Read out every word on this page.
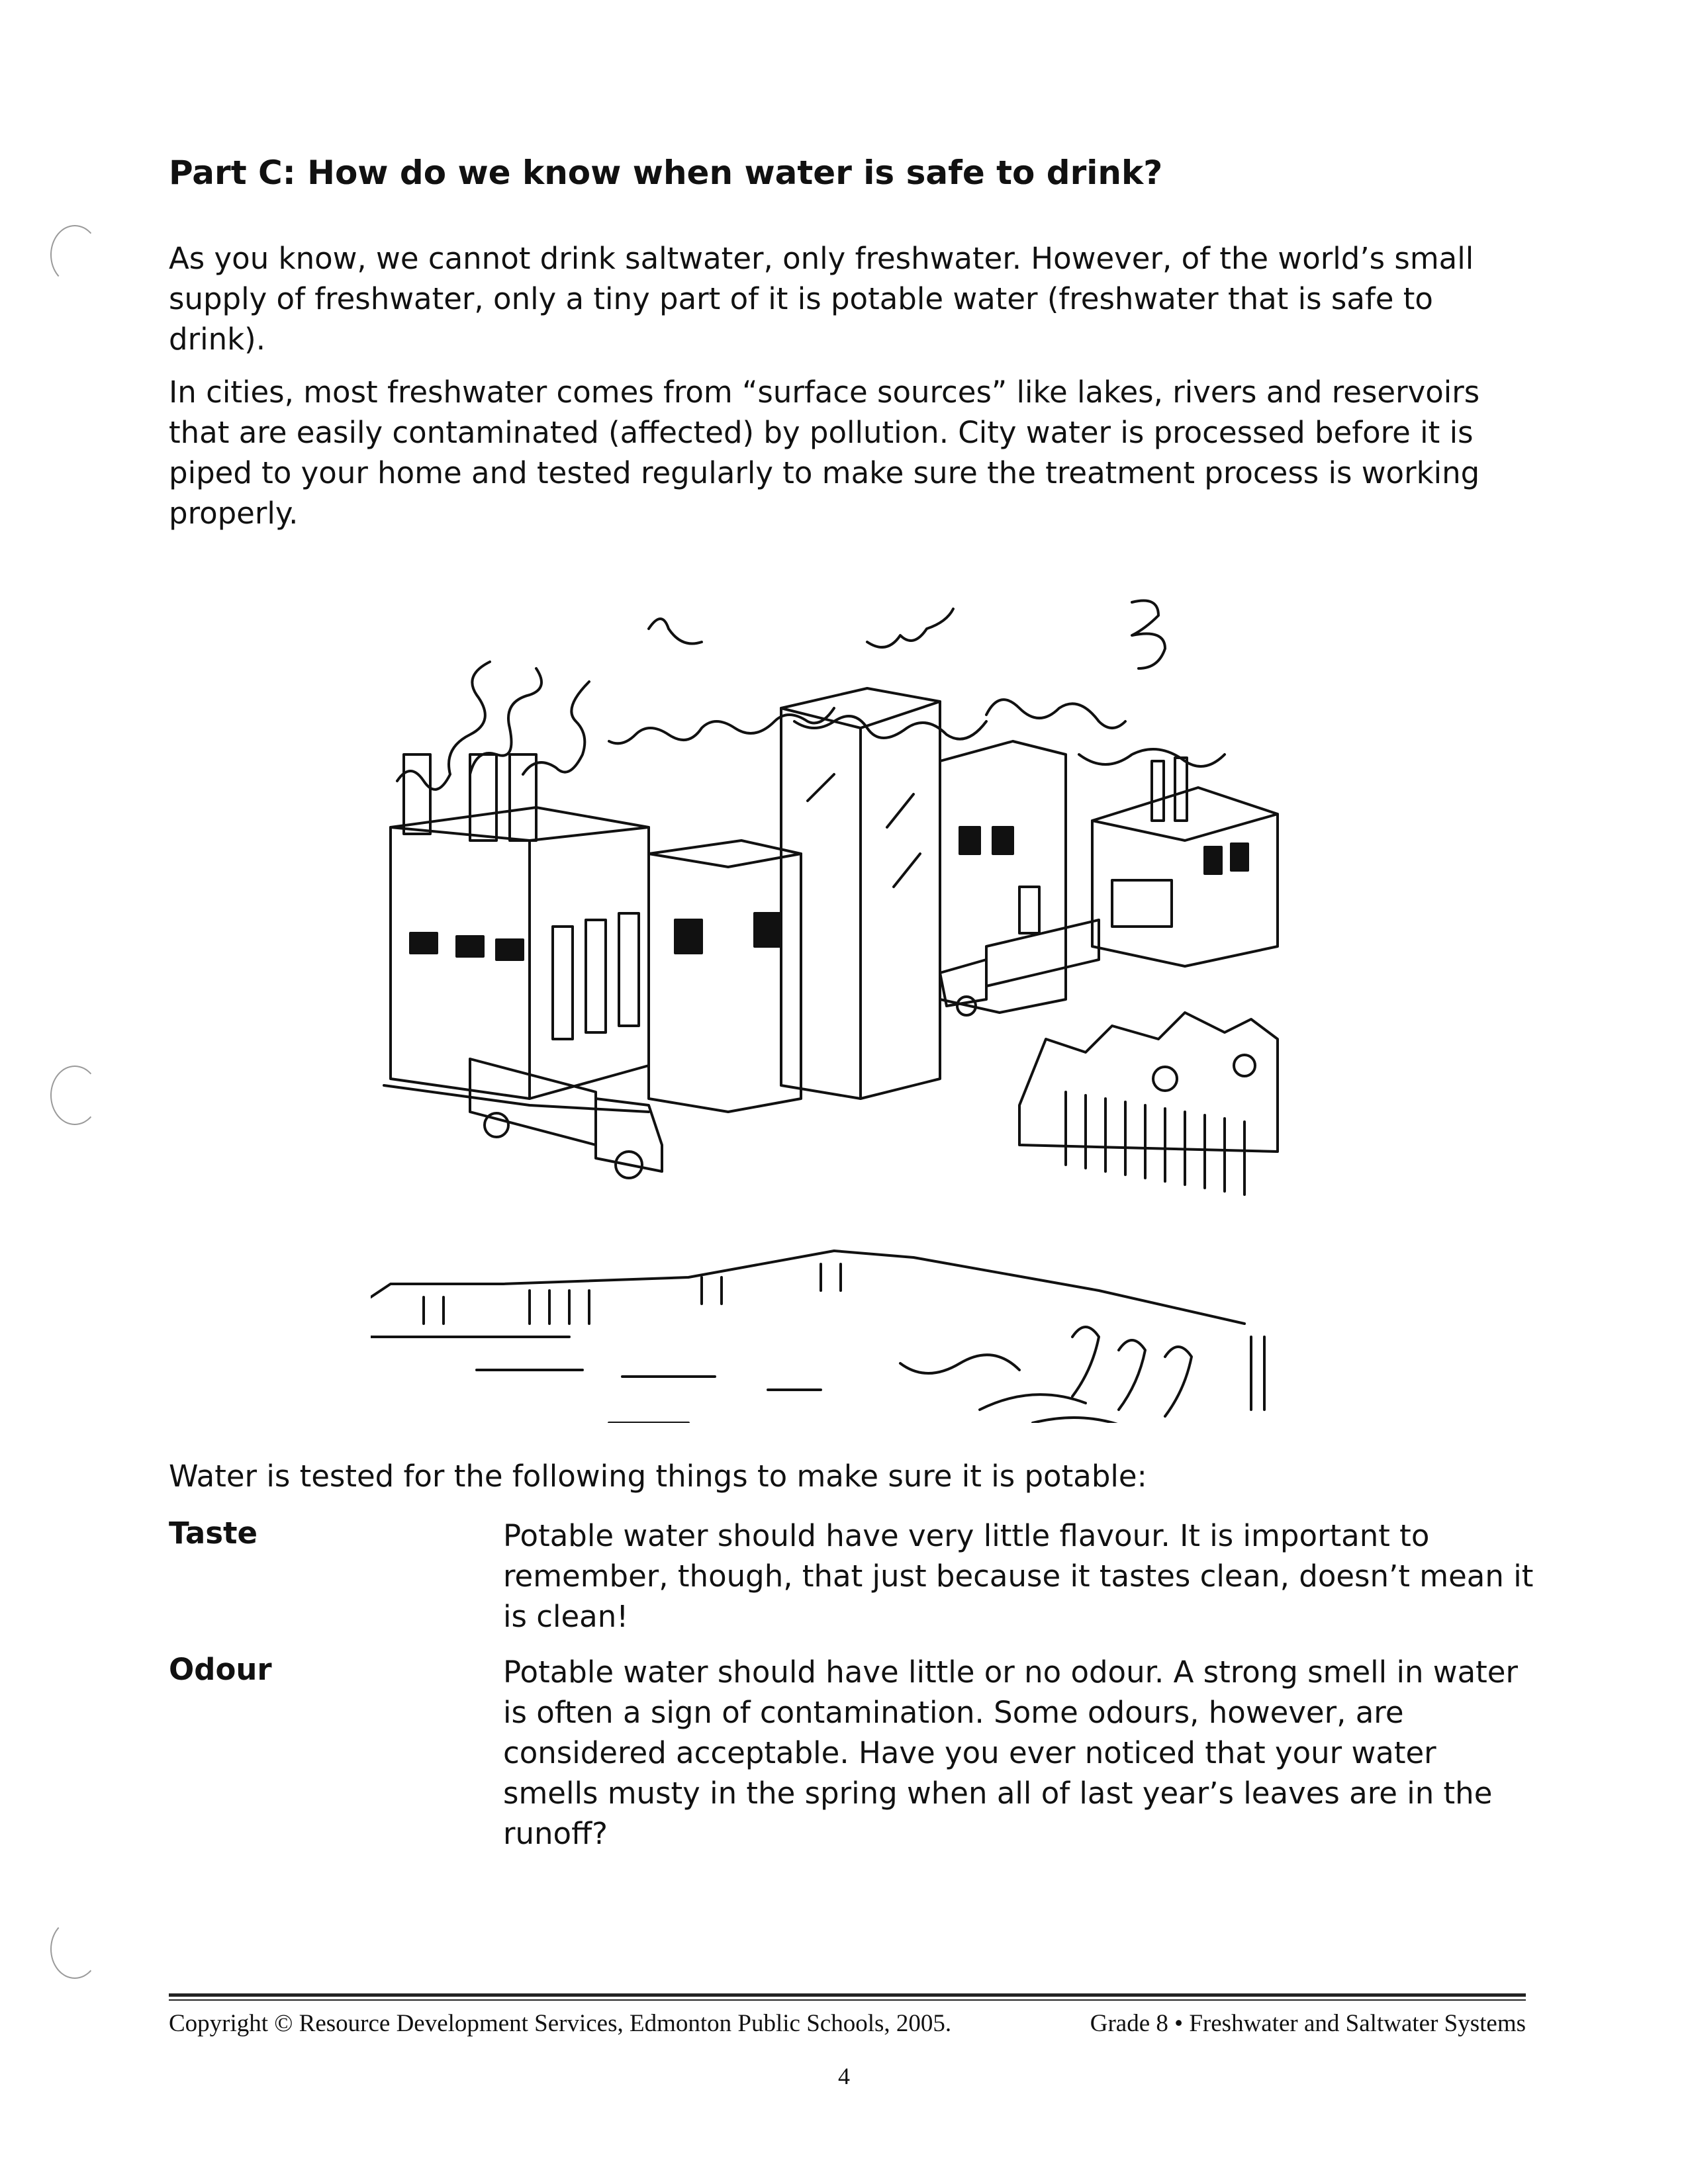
Part C: How do we know when water is safe to drink?

As you know, we cannot drink saltwater, only freshwater. However, of the world’s small supply of freshwater, only a tiny part of it is potable water (freshwater that is safe to drink).

In cities, most freshwater comes from “surface sources” like lakes, rivers and reservoirs that are easily contaminated (affected) by pollution. City water is processed before it is piped to your home and tested regularly to make sure the treatment process is working properly.

Water is tested for the following things to make sure it is potable:

Taste	Potable water should have very little flavour. It is important to remember, though, that just because it tastes clean, doesn’t mean it is clean!

Odour	Potable water should have little or no odour. A strong smell in water is often a sign of contamination. Some odours, however, are considered acceptable. Have you ever noticed that your water smells musty in the spring when all of last year’s leaves are in the runoff?

Copyright © Resource Development Services, Edmonton Public Schools, 2005.	Grade 8 • Freshwater and Saltwater Systems

4
